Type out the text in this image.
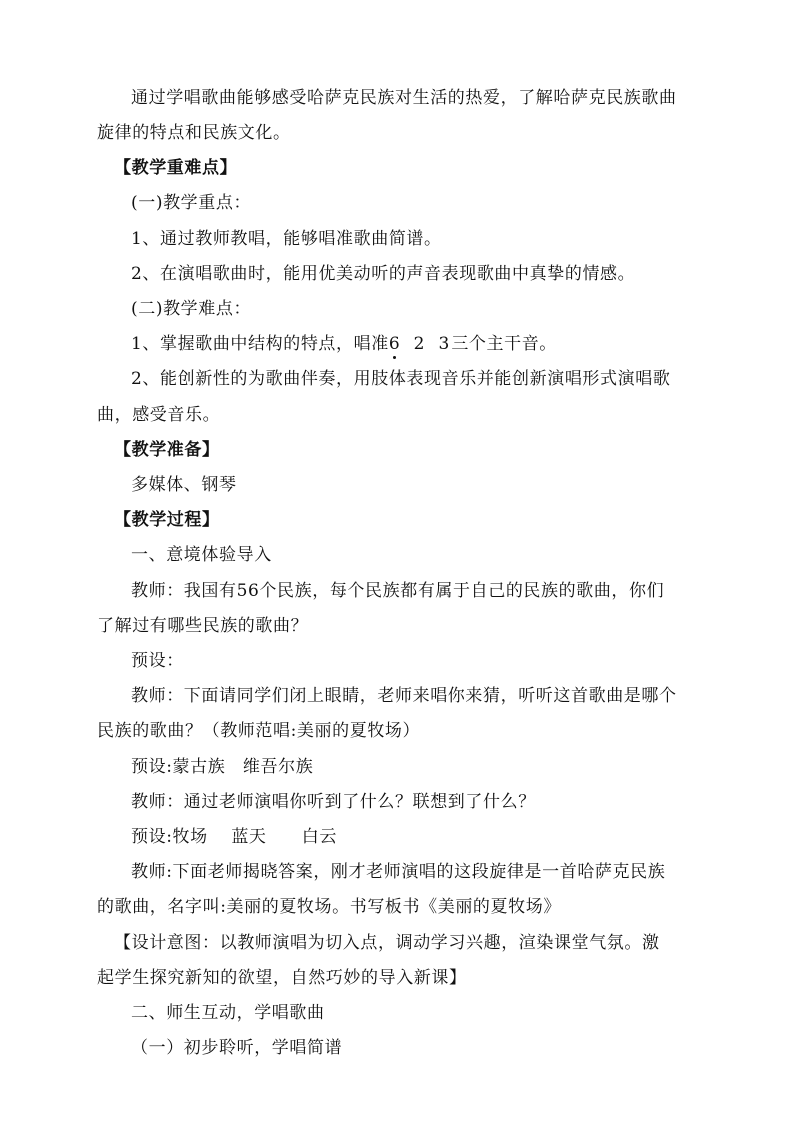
通过学唱歌曲能够感受哈萨克民族对生活的热爱，了解哈萨克民族歌曲
旋律的特点和民族文化。
【教学重难点】
(一)教学重点：
1、通过教师教唱，能够唱准歌曲简谱。
2、在演唱歌曲时，能用优美动听的声音表现歌曲中真挚的情感。
(二)教学难点：
1、掌握歌曲中结构的特点，唱准6 2 3 三个主干音。
2、能创新性的为歌曲伴奏，用肢体表现音乐并能创新演唱形式演唱歌
曲，感受音乐。
【教学准备】
多媒体、钢琴
【教学过程】
一、意境体验导入
教师：我国有56个民族，每个民族都有属于自己的民族的歌曲，你们
了解过有哪些民族的歌曲？
预设：
教师：下面请同学们闭上眼睛，老师来唱你来猜，听听这首歌曲是哪个
民族的歌曲？（教师范唱:美丽的夏牧场）
预设:蒙古族　维吾尔族
教师：通过老师演唱你听到了什么？联想到了什么？
预设:牧场　 蓝天　　白云
教师:下面老师揭晓答案，刚才老师演唱的这段旋律是一首哈萨克民族
的歌曲，名字叫:美丽的夏牧场。书写板书《美丽的夏牧场》
【设计意图：以教师演唱为切入点，调动学习兴趣，渲染课堂气氛。激
起学生探究新知的欲望，自然巧妙的导入新课】
二、师生互动，学唱歌曲
（一）初步聆听，学唱简谱
